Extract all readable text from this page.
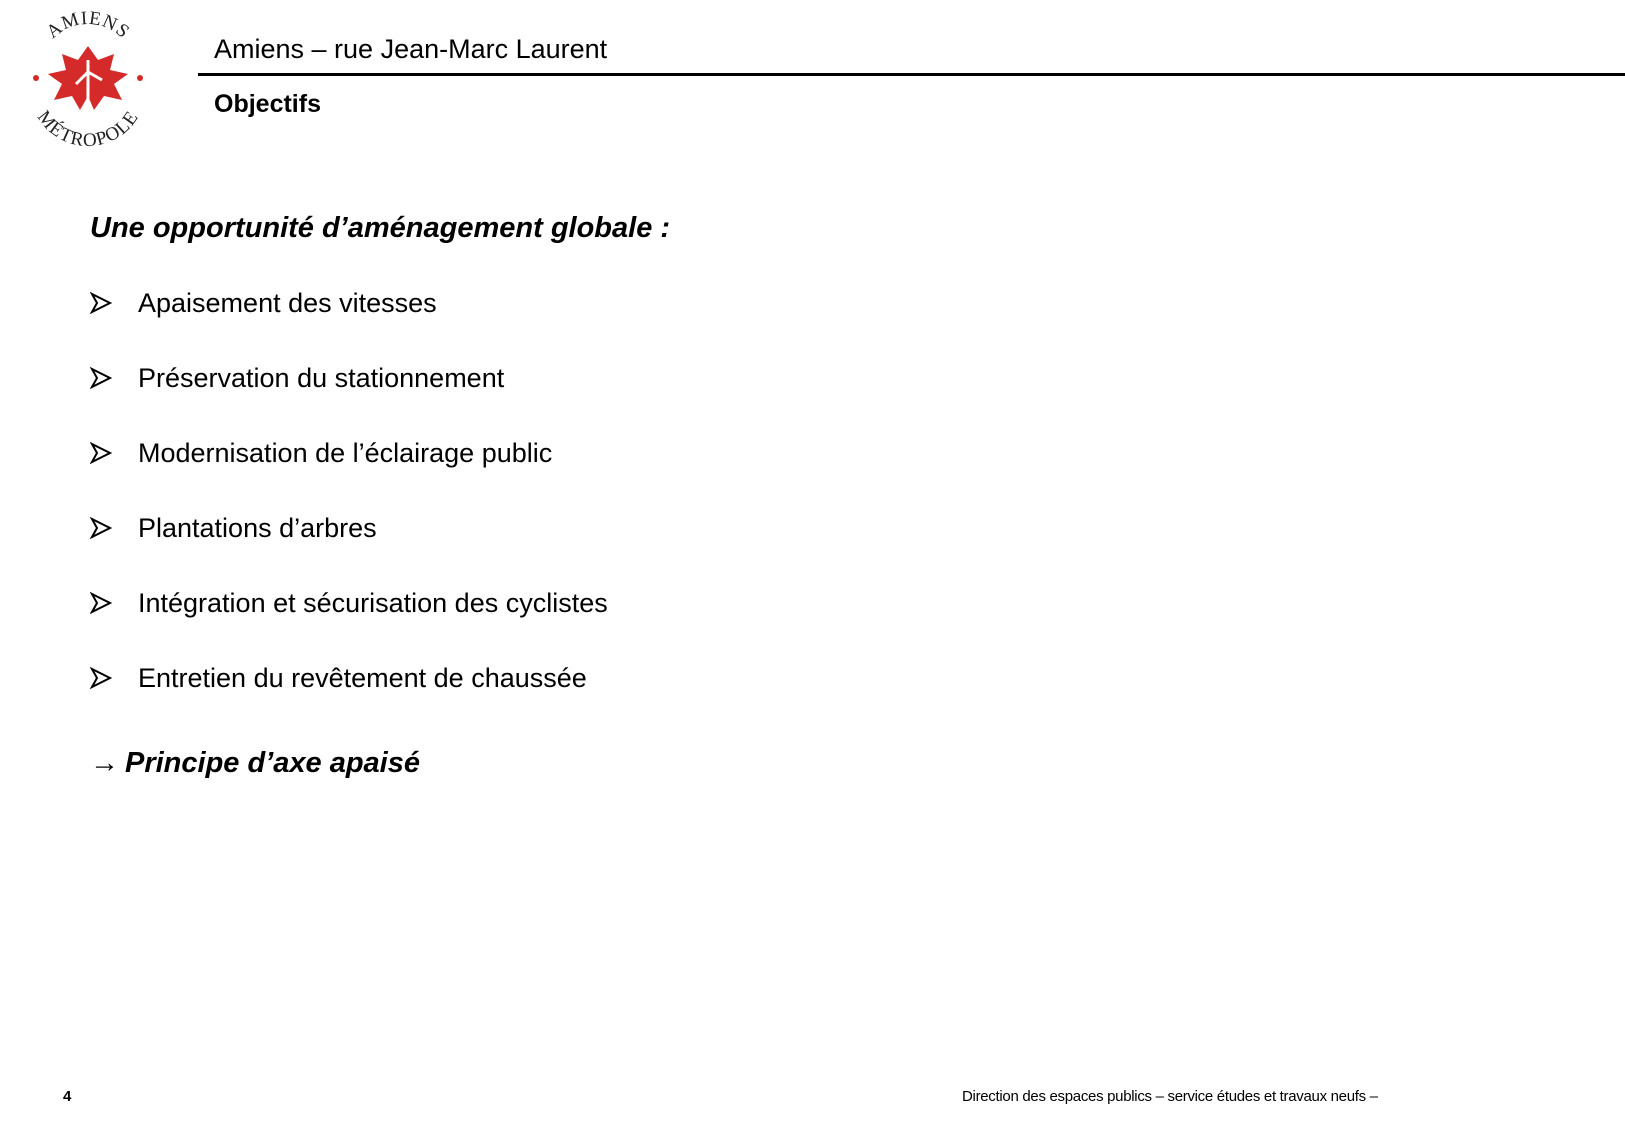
AMIENS
MÉTROPOLE
Amiens – rue Jean-Marc Laurent
Objectifs
Une opportunité d’aménagement globale :
Apaisement des vitesses
Préservation du stationnement
Modernisation de l’éclairage public
Plantations d’arbres
Intégration et sécurisation des cyclistes
Entretien du revêtement de chaussée
→ Principe d’axe apaisé
4	Direction des espaces publics – service études et travaux neufs –
